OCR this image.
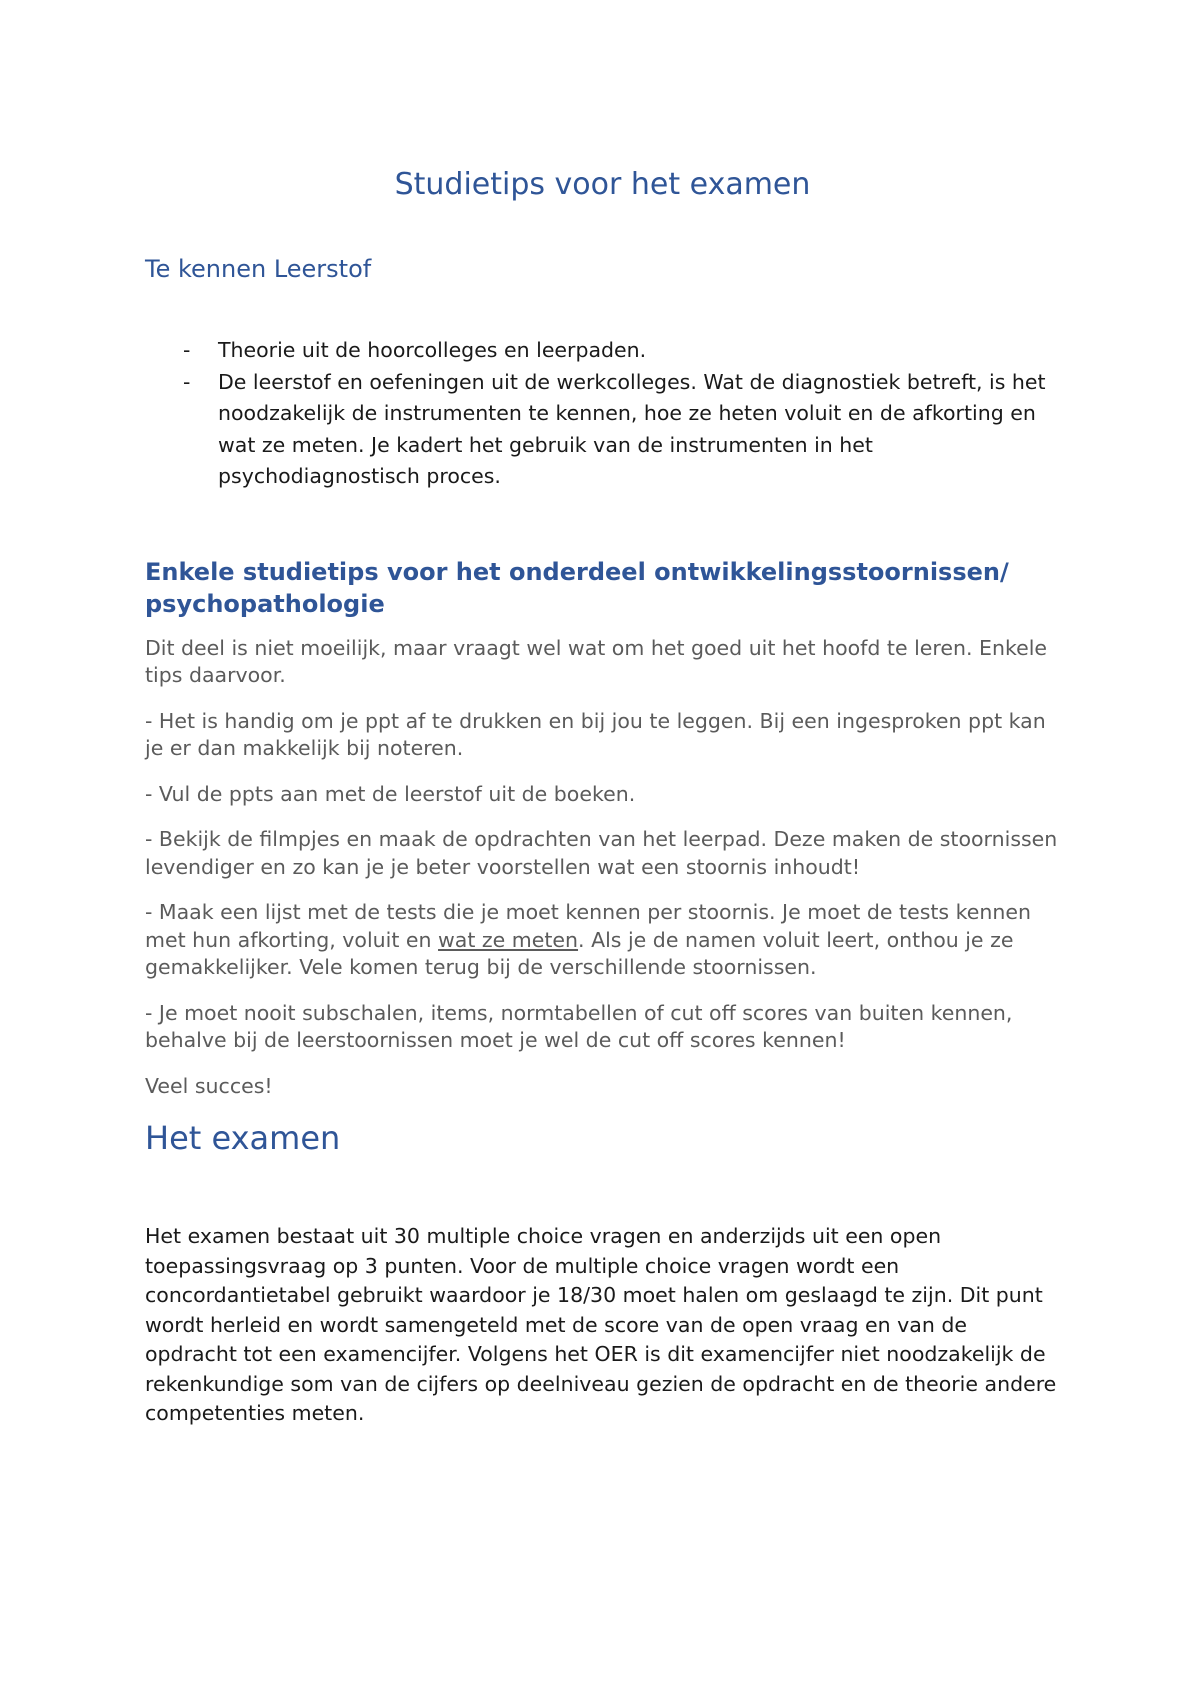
Studietips voor het examen
Te kennen Leerstof
- Theorie uit de hoorcolleges en leerpaden.
- De leerstof en oefeningen uit de werkcolleges. Wat de diagnostiek betreft, is het noodzakelijk de instrumenten te kennen, hoe ze heten voluit en de afkorting en wat ze meten. Je kadert het gebruik van de instrumenten in het psychodiagnostisch proces.
Enkele studietips voor het onderdeel ontwikkelingsstoornissen/ psychopathologie

Dit deel is niet moeilijk, maar vraagt wel wat om het goed uit het hoofd te leren. Enkele tips daarvoor.

- Het is handig om je ppt af te drukken en bij jou te leggen. Bij een ingesproken ppt kan je er dan makkelijk bij noteren.

- Vul de ppts aan met de leerstof uit de boeken.

- Bekijk de filmpjes en maak de opdrachten van het leerpad. Deze maken de stoornissen levendiger en zo kan je je beter voorstellen wat een stoornis inhoudt!

- Maak een lijst met de tests die je moet kennen per stoornis. Je moet de tests kennen met hun afkorting, voluit en wat ze meten. Als je de namen voluit leert, onthou je ze gemakkelijker. Vele komen terug bij de verschillende stoornissen.

- Je moet nooit subschalen, items, normtabellen of cut off scores van buiten kennen, behalve bij de leerstoornissen moet je wel de cut off scores kennen!

Veel succes!

Het examen

Het examen bestaat uit 30 multiple choice vragen en anderzijds uit een open toepassingsvraag op 3 punten. Voor de multiple choice vragen wordt een concordantietabel gebruikt waardoor je 18/30 moet halen om geslaagd te zijn. Dit punt wordt herleid en wordt samengeteld met de score van de open vraag en van de opdracht tot een examencijfer. Volgens het OER is dit examencijfer niet noodzakelijk de rekenkundige som van de cijfers op deelniveau gezien de opdracht en de theorie andere competenties meten.
